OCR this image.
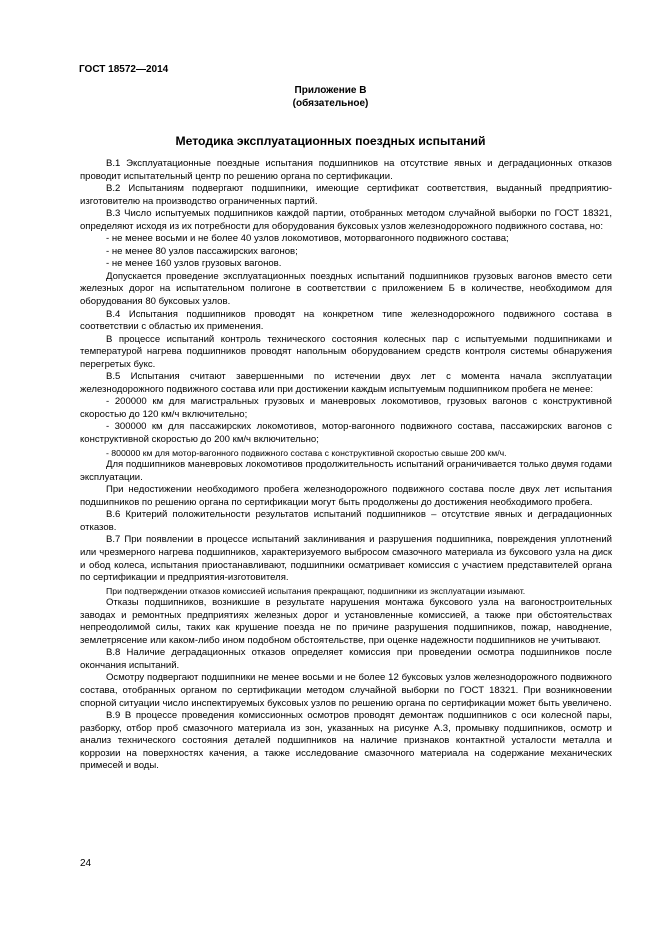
ГОСТ 18572—2014
Приложение В
(обязательное)
Методика эксплуатационных поездных испытаний

В.1 Эксплуатационные поездные испытания подшипников на отсутствие явных и деградационных отказов проводит испытательный центр по решению органа по сертификации.

В.2 Испытаниям подвергают подшипники, имеющие сертификат соответствия, выданный предприятию-изготовителю на производство ограниченных партий.

В.3 Число испытуемых подшипников каждой партии, отобранных методом случайной выборки по ГОСТ 18321, определяют исходя из их потребности для оборудования буксовых узлов железнодорожного подвижного состава, но:

- не менее восьми и не более 40 узлов локомотивов, моторвагонного подвижного состава;

- не менее 80 узлов пассажирских вагонов;

- не менее 160 узлов грузовых вагонов.

Допускается проведение эксплуатационных поездных испытаний подшипников грузовых вагонов вместо сети железных дорог на испытательном полигоне в соответствии с приложением Б в количестве, необходимом для оборудования 80 буксовых узлов.

В.4 Испытания подшипников проводят на конкретном типе железнодорожного подвижного состава в соответствии с областью их применения.

В процессе испытаний контроль технического состояния колесных пар с испытуемыми подшипниками и температурой нагрева подшипников проводят напольным оборудованием средств контроля системы обнаружения перегретых букс.

В.5 Испытания считают завершенными по истечении двух лет с момента начала эксплуатации железнодорожного подвижного состава или при достижении каждым испытуемым подшипником пробега не менее:

- 200000 км для магистральных грузовых и маневровых локомотивов, грузовых вагонов с конструктивной скоростью до 120 км/ч включительно;

- 300000 км для пассажирских локомотивов, мотор-вагонного подвижного состава, пассажирских вагонов с конструктивной скоростью до 200 км/ч включительно;

- 800000 км для мотор-вагонного подвижного состава с конструктивной скоростью свыше 200 км/ч.

Для подшипников маневровых локомотивов продолжительность испытаний ограничивается только двумя годами эксплуатации.

При недостижении необходимого пробега железнодорожного подвижного состава после двух лет испытания подшипников по решению органа по сертификации могут быть продолжены до достижения необходимого пробега.

В.6 Критерий положительности результатов испытаний подшипников – отсутствие явных и деградационных отказов.

В.7 При появлении в процессе испытаний заклинивания и разрушения подшипника, повреждения уплотнений или чрезмерного нагрева подшипников, характеризуемого выбросом смазочного материала из буксового узла на диск и обод колеса, испытания приостанавливают, подшипники осматривает комиссия с участием представителей органа по сертификации и предприятия-изготовителя.

При подтверждении отказов комиссией испытания прекращают, подшипники из эксплуатации изымают.

Отказы подшипников, возникшие в результате нарушения монтажа буксового узла на вагоностроительных заводах и ремонтных предприятиях железных дорог и установленные комиссией, а также при обстоятельствах непреодолимой силы, таких как крушение поезда не по причине разрушения подшипников, пожар, наводнение, землетрясение или каком-либо ином подобном обстоятельстве, при оценке надежности подшипников не учитывают.

В.8 Наличие деградационных отказов определяет комиссия при проведении осмотра подшипников после окончания испытаний.

Осмотру подвергают подшипники не менее восьми и не более 12 буксовых узлов железнодорожного подвижного состава, отобранных органом по сертификации методом случайной выборки по ГОСТ 18321. При возникновении спорной ситуации число инспектируемых буксовых узлов по решению органа по сертификации может быть увеличено.

В.9 В процессе проведения комиссионных осмотров проводят демонтаж подшипников с оси колесной пары, разборку, отбор проб смазочного материала из зон, указанных на рисунке А.3, промывку подшипников, осмотр и анализ технического состояния деталей подшипников на наличие признаков контактной усталости металла и коррозии на поверхностях качения, а также исследование смазочного материала на содержание механических примесей и воды.

24
